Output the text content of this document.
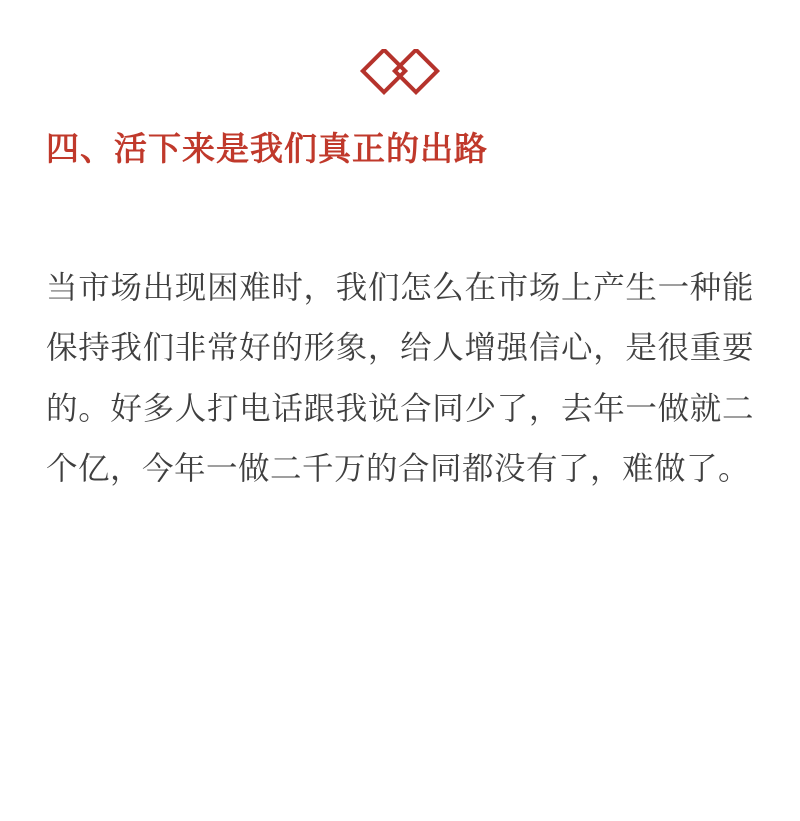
四、活下来是我们真正的出路

当市场出现困难时，我们怎么在市场上产生一种能保持我们非常好的形象，给人增强信心，是很重要的。好多人打电话跟我说合同少了，去年一做就二个亿，今年一做二千万的合同都没有了，难做了。
